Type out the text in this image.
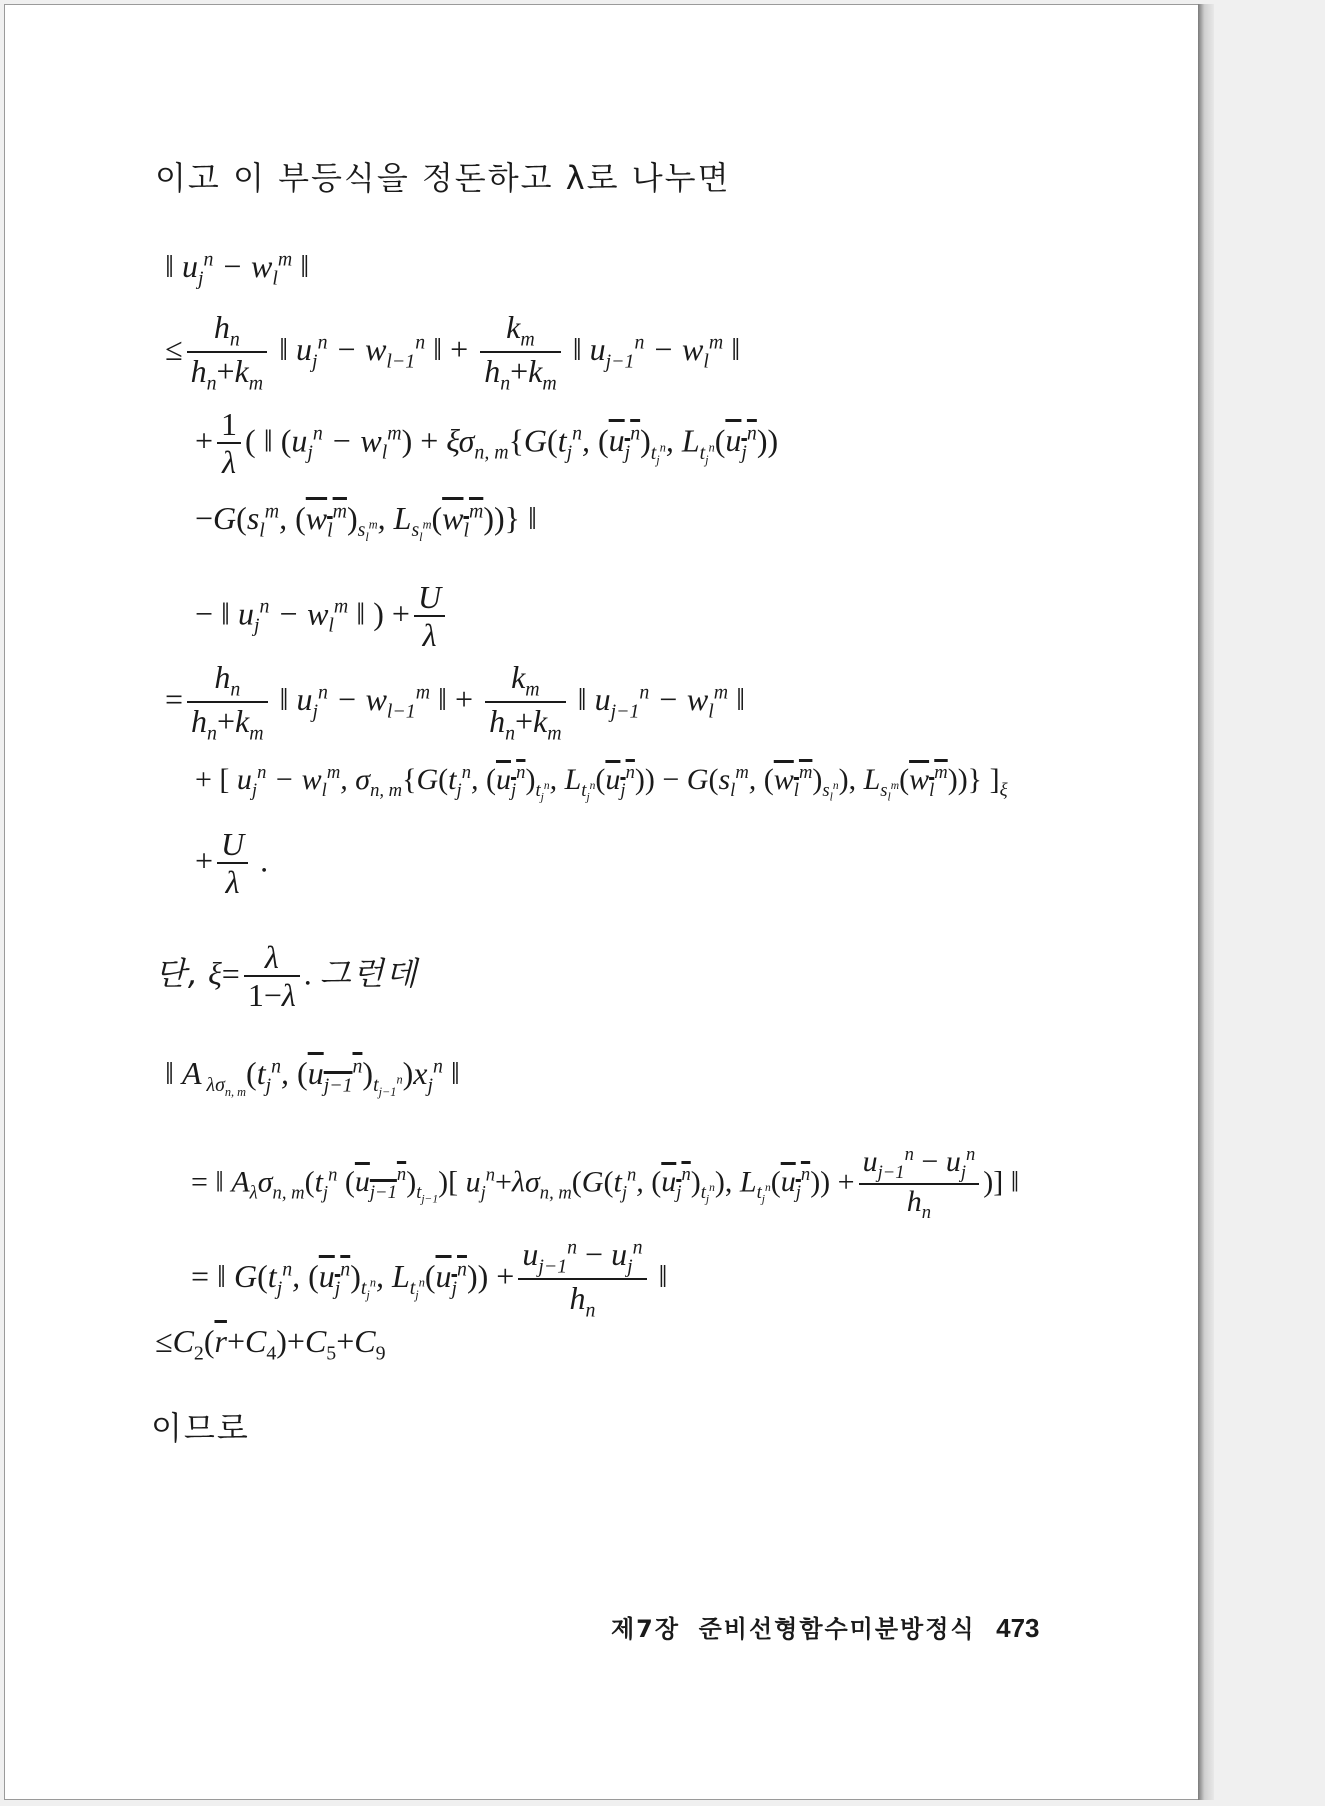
이고 이 부등식을 정돈하고 λ로 나누면
‖ $u_j^n - w_l^m$ ‖
≤ $\frac{h_n}{h_n+k_m}$ ‖ $u_j^n - w_{l-1}^n$ ‖ + $\frac{k_m}{h_n+k_m}$ ‖ $u_{j-1}^n - w_l^m$ ‖
+ $\frac{1}{\lambda}$ ( ‖ $(u_j^n - w_l^m) + \xi\sigma_{n, m}\{G(t_j^n$, $(u_j^n)_{t_j^n}$, $L_{t_j^n}(u_j^n)$)
$-G(s_l^m$, $(w_l^m)_{s_l^m}$, $L_{s_l^m}(w_l^m)$)} ‖
− ‖ $u_j^n - w_l^m$ ‖ ) + $\frac{U}{\lambda}$
= $\frac{h_n}{h_n+k_m}$ ‖ $u_j^n - w_{l-1}^m$ ‖ + $\frac{k_m}{h_n+k_m}$ ‖ $u_{j-1}^n - w_l^m$ ‖
+ [ $u_j^n - w_l^m$, $\sigma_{n, m}\{G(t_j^n$, $(u_j^n)_{t_j^n}$, $L_{t_j^n}(u_j^n)) - G(s_l^m$, $(w_l^m)_{s_l^n}$), $L_{s_l^m}(w_l^m)$)} ]$_\xi$
+ $\frac{U}{\lambda}$ .
단, $\xi= \frac{\lambda}{1-\lambda}$ . 그런데
‖ A $_{\lambda\sigma_{n, m}}(t_j^n$, $(u_{j-1}^n)_{t_{j-1}^n})x_j^n$ ‖
= ‖ $A_\lambda\sigma_{n, m}(t_j^n$ $(u_{j-1}^n)_{t_{j-1}}$)[ $u_j^n+\lambda\sigma_{n, m}(G(t_j^n$, $(u_j^n)_{t_j^n}$), $L_{t_j^n}(u_j^n)) + \frac{u_{j-1}^n - u_j^n}{h_n}$ )] ‖
= ‖ $G(t_j^n$, $(u_j^n)_{t_j^n}$, $L_{t_j^n}(u_j^n)) + \frac{u_{j-1}^n - u_j^n}{h_n}$ ‖
$\le C_2(\overline{r}+C_4)+C_5+C_9$
이므로
제7장 준비선형함수미분방정식 473
